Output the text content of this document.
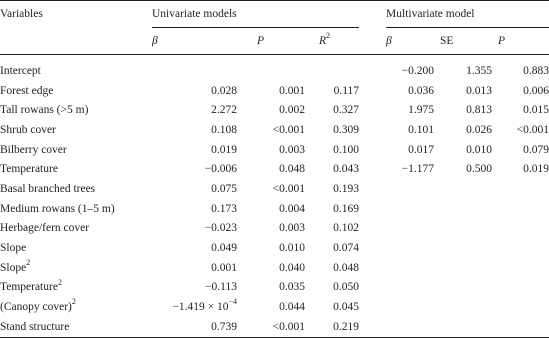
Variables	Univariate models				Multivariate model		
	β	P	$R^2$		β	SE	P
Intercept					−0.200	1.355	0.883
Forest edge	0.028	0.001	0.117		0.036	0.013	0.006
Tall rowans (>5 m)	2.272	0.002	0.327		1.975	0.813	0.015
Shrub cover	0.108	<0.001	0.309		0.101	0.026	<0.001
Bilberry cover	0.019	0.003	0.100		0.017	0.010	0.079
Temperature	−0.006	0.048	0.043		−1.177	0.500	0.019
Basal branched trees	0.075	<0.001	0.193				
Medium rowans (1–5 m)	0.173	0.004	0.169				
Herbage/fern cover	−0.023	0.003	0.102				
Slope	0.049	0.010	0.074				
Slope$^2$	0.001	0.040	0.048				
Temperature$^2$	−0.113	0.035	0.050				
(Canopy cover)$^2$	$-1.419 \times 10^{-4}$	0.044	0.045				
Stand structure	0.739	<0.001	0.219				
